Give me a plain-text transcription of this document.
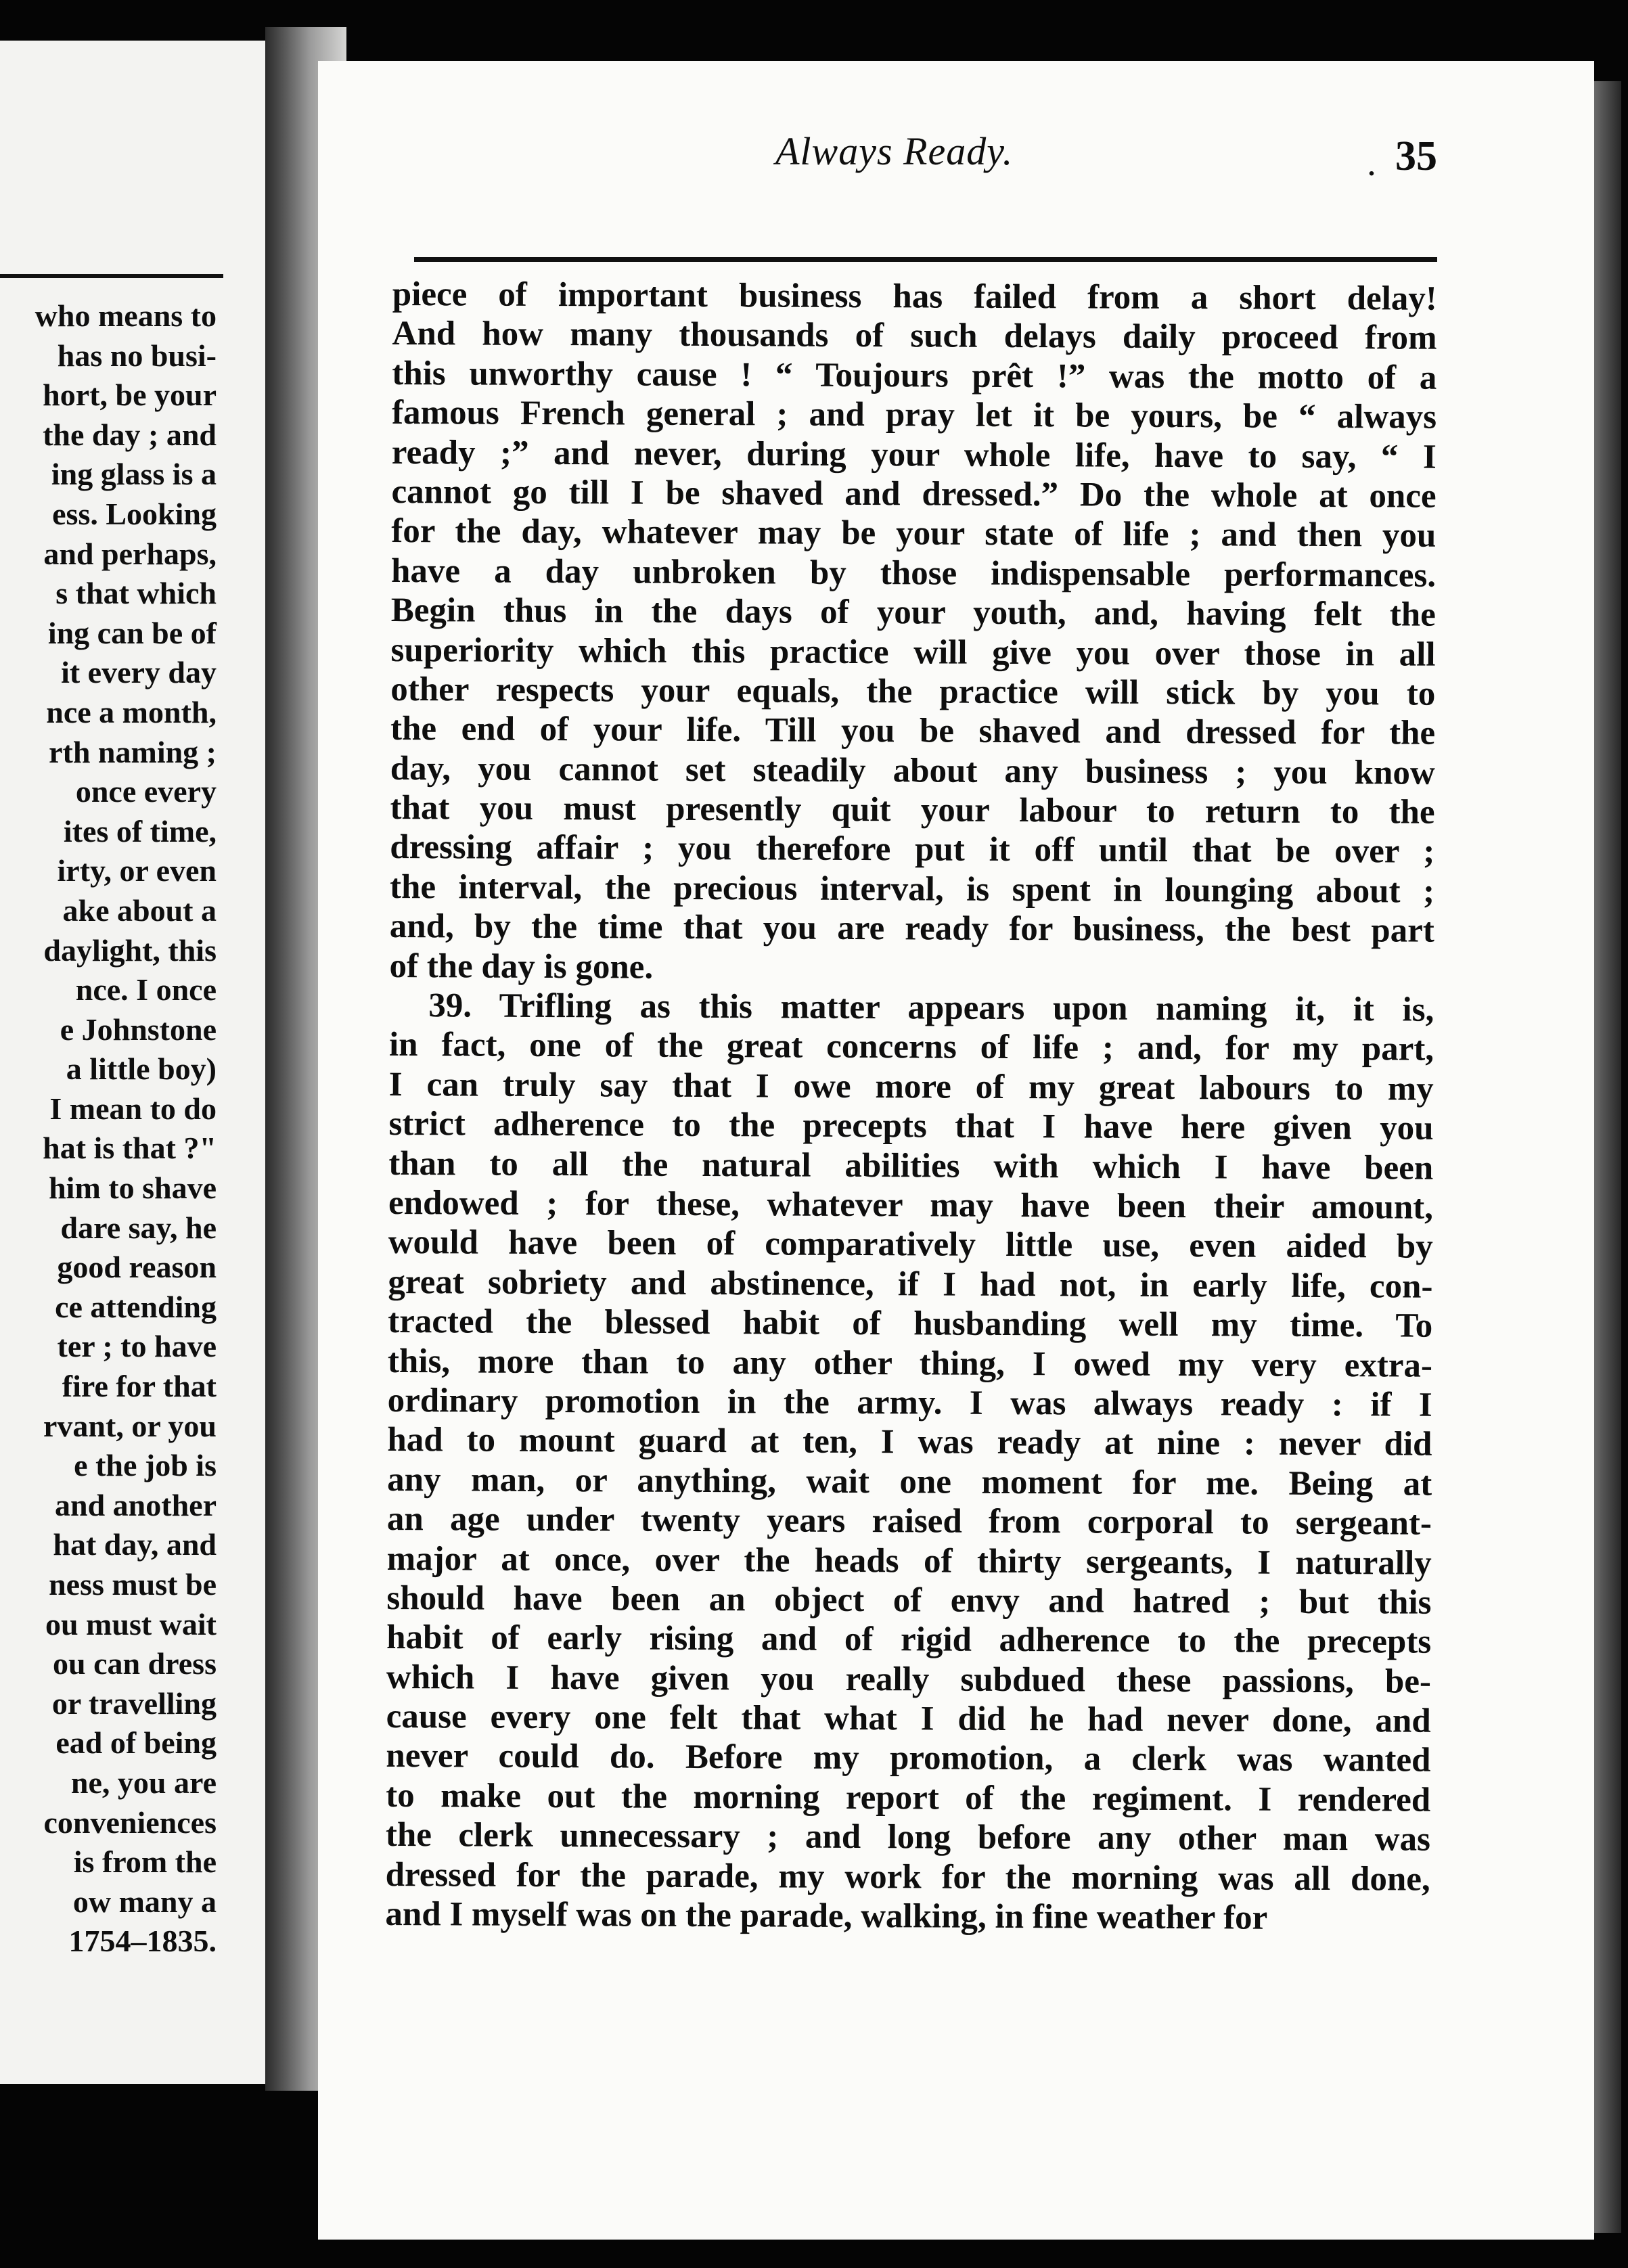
who means to
has no busi-
hort, be your
the day ; and
ing glass is a
ess. Looking
and perhaps,
s that which
ing can be of
it every day
nce a month,
rth naming ;
once every
ites of time,
irty, or even
ake about a
daylight, this
nce. I once
e Johnstone
a little boy)
I mean to do
hat is that ?"
him to shave
dare say, he
good reason
ce attending
ter ; to have
fire for that
rvant, or you
e the job is
and another
hat day, and
ness must be
ou must wait
ou can dress
or travelling
ead of being
ne, you are
conveniences
is from the
ow many a
1754–1835.
Always Ready.	. 35
piece of important business has failed from a short delay!
And how many thousands of such delays daily proceed from
this unworthy cause ! “ Toujours prêt !” was the motto of a
famous French general ; and pray let it be yours, be “ always
ready ;” and never, during your whole life, have to say, “ I
cannot go till I be shaved and dressed.” Do the whole at once
for the day, whatever may be your state of life ; and then you
have a day unbroken by those indispensable performances.
Begin thus in the days of your youth, and, having felt the
superiority which this practice will give you over those in all
other respects your equals, the practice will stick by you to
the end of your life. Till you be shaved and dressed for the
day, you cannot set steadily about any business ; you know
that you must presently quit your labour to return to the
dressing affair ; you therefore put it off until that be over ;
the interval, the precious interval, is spent in lounging about ;
and, by the time that you are ready for business, the best part
of the day is gone.
39. Trifling as this matter appears upon naming it, it is,
in fact, one of the great concerns of life ; and, for my part,
I can truly say that I owe more of my great labours to my
strict adherence to the precepts that I have here given you
than to all the natural abilities with which I have been
endowed ; for these, whatever may have been their amount,
would have been of comparatively little use, even aided by
great sobriety and abstinence, if I had not, in early life, con-
tracted the blessed habit of husbanding well my time. To
this, more than to any other thing, I owed my very extra-
ordinary promotion in the army. I was always ready : if I
had to mount guard at ten, I was ready at nine : never did
any man, or anything, wait one moment for me. Being at
an age under twenty years raised from corporal to sergeant-
major at once, over the heads of thirty sergeants, I naturally
should have been an object of envy and hatred ; but this
habit of early rising and of rigid adherence to the precepts
which I have given you really subdued these passions, be-
cause every one felt that what I did he had never done, and
never could do. Before my promotion, a clerk was wanted
to make out the morning report of the regiment. I rendered
the clerk unnecessary ; and long before any other man was
dressed for the parade, my work for the morning was all done,
and I myself was on the parade, walking, in fine weather for
